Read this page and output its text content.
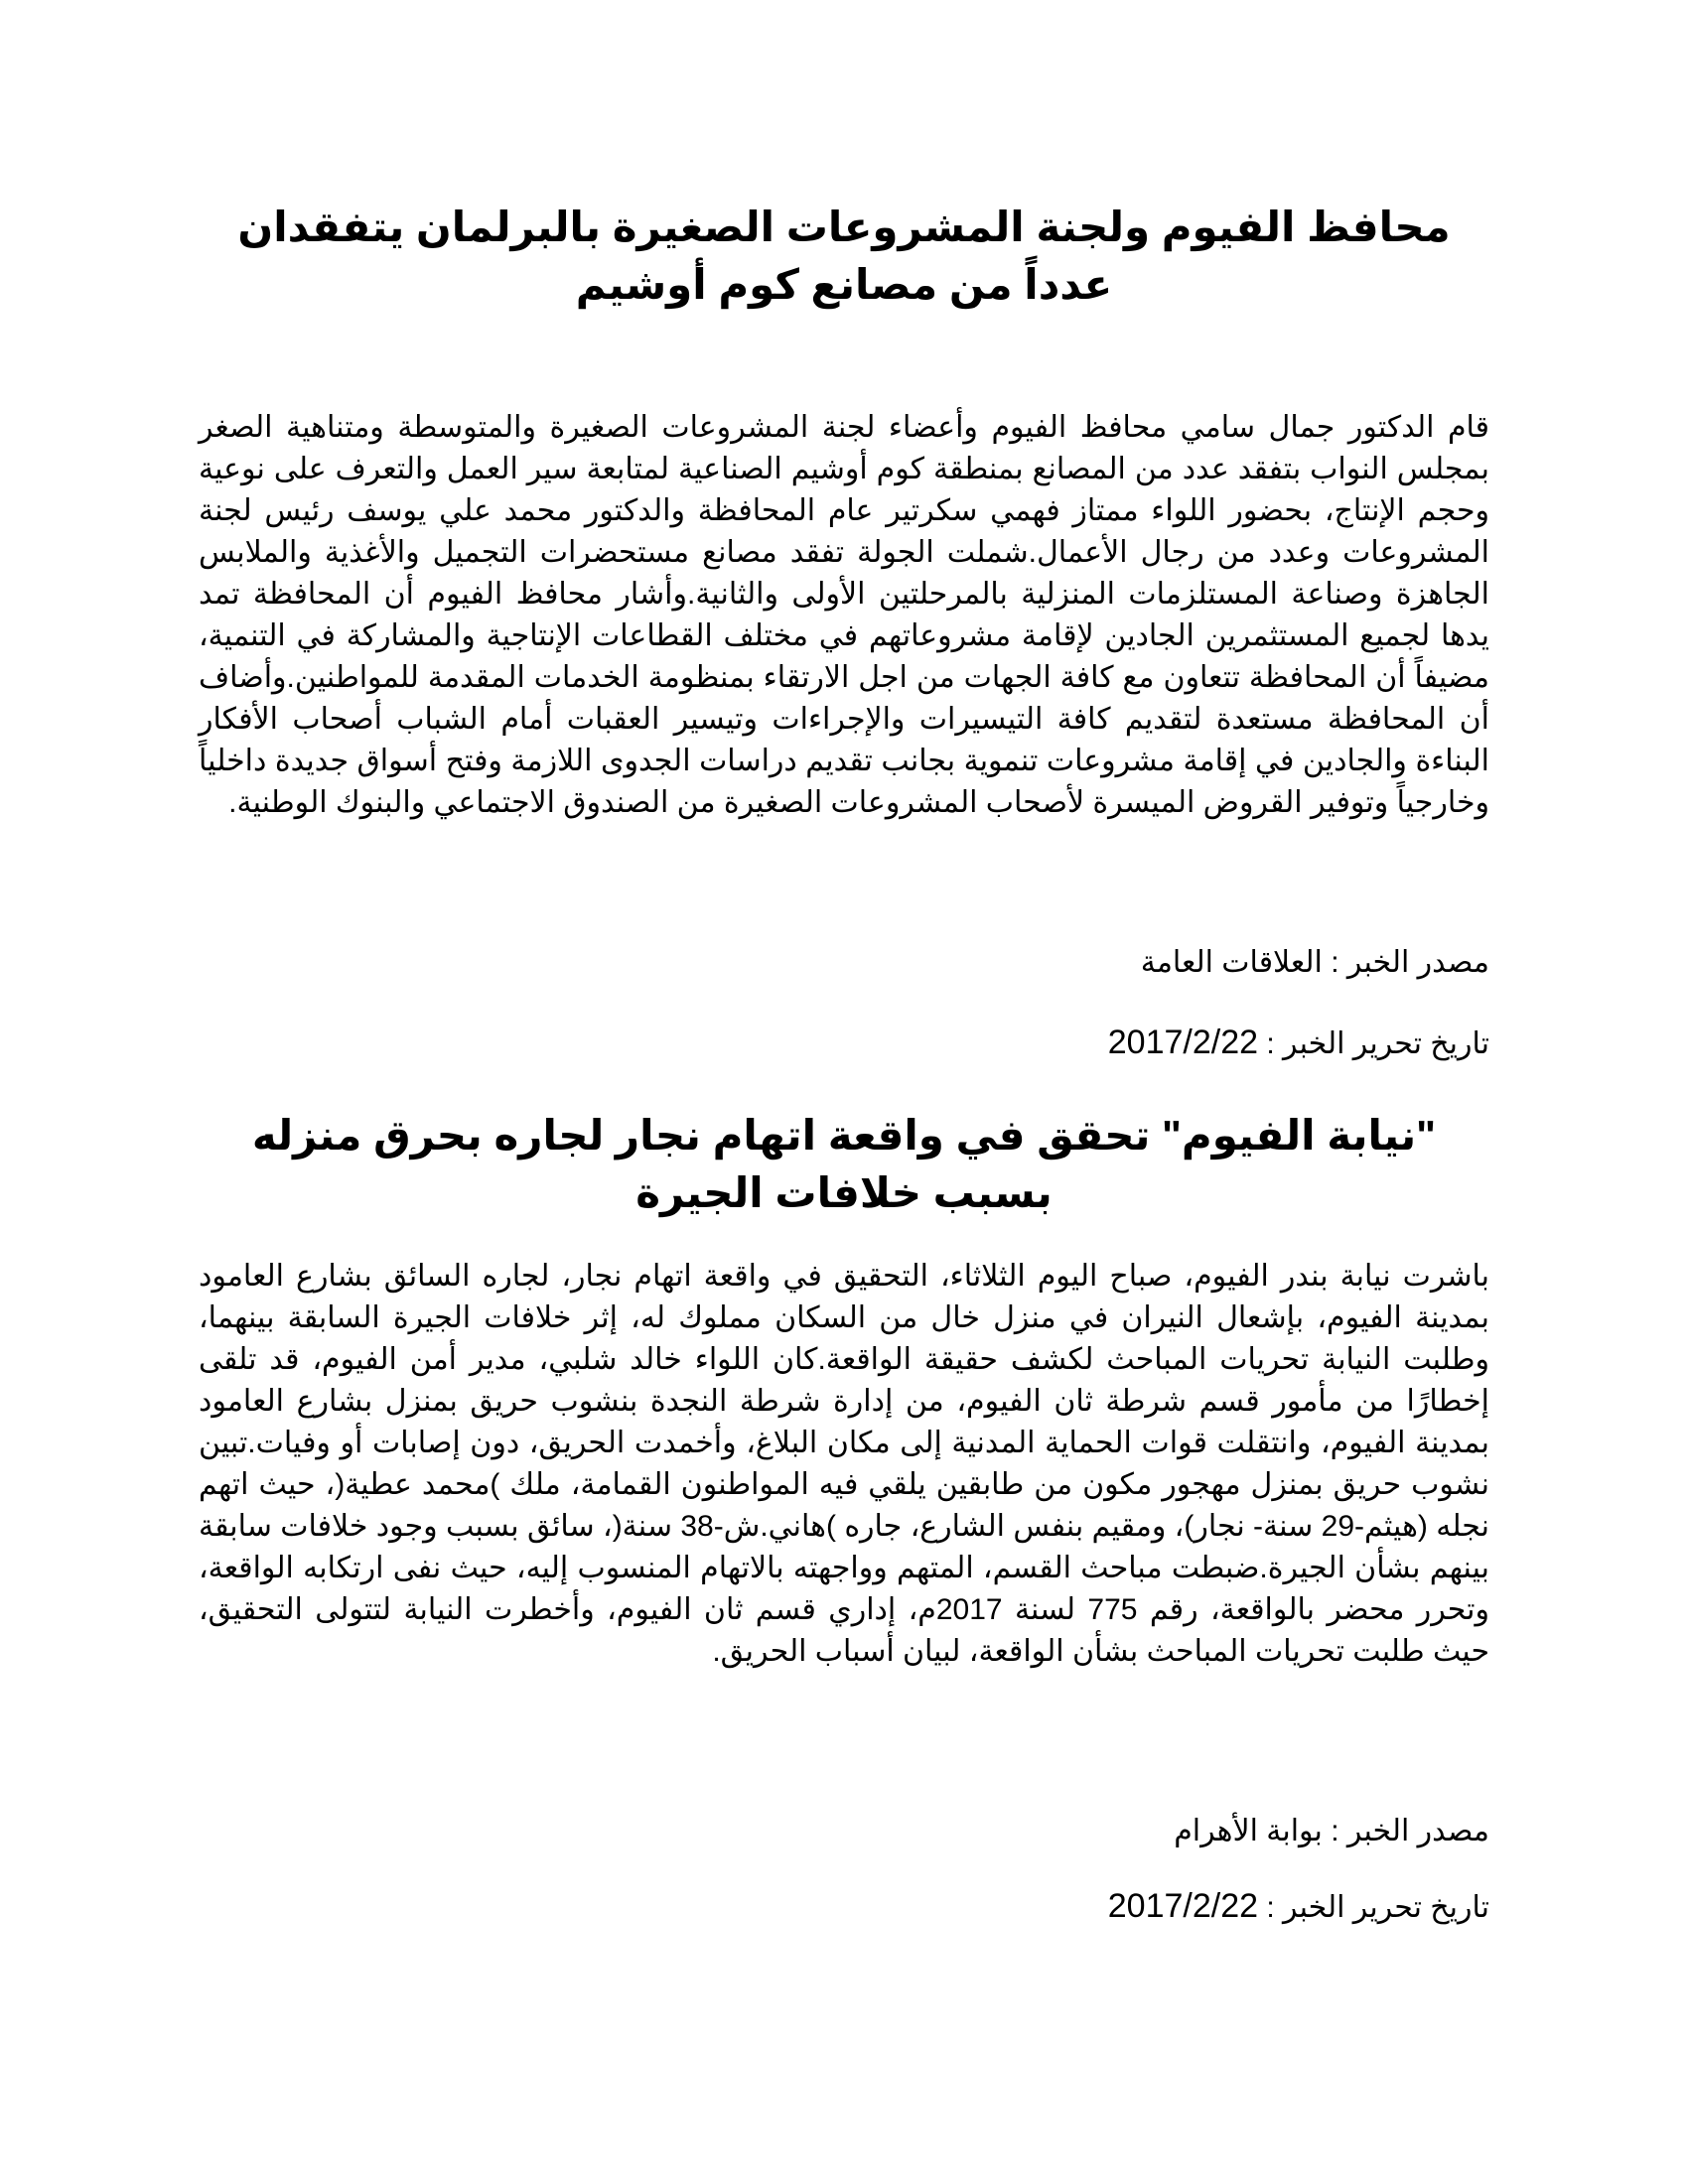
محافظ الفيوم ولجنة المشروعات الصغيرة بالبرلمان يتفقدان عدداً من مصانع كوم أوشيم

قام الدكتور جمال سامي محافظ الفيوم وأعضاء لجنة المشروعات الصغيرة والمتوسطة ومتناهية الصغر بمجلس النواب بتفقد عدد من المصانع بمنطقة كوم أوشيم الصناعية لمتابعة سير العمل والتعرف على نوعية وحجم الإنتاج، بحضور اللواء ممتاز فهمي سكرتير عام المحافظة والدكتور محمد علي يوسف رئيس لجنة المشروعات وعدد من رجال الأعمال.شملت الجولة تفقد مصانع مستحضرات التجميل والأغذية والملابس الجاهزة وصناعة المستلزمات المنزلية بالمرحلتين الأولى والثانية.وأشار محافظ الفيوم أن المحافظة تمد يدها لجميع المستثمرين الجادين لإقامة مشروعاتهم في مختلف القطاعات الإنتاجية والمشاركة في التنمية، مضيفاً أن المحافظة تتعاون مع كافة الجهات من اجل الارتقاء بمنظومة الخدمات المقدمة للمواطنين.وأضاف أن المحافظة مستعدة لتقديم كافة التيسيرات والإجراءات وتيسير العقبات أمام الشباب أصحاب الأفكار البناءة والجادين في إقامة مشروعات تنموية بجانب تقديم دراسات الجدوى اللازمة وفتح أسواق جديدة داخلياً وخارجياً وتوفير القروض الميسرة لأصحاب المشروعات الصغيرة من الصندوق الاجتماعي والبنوك الوطنية.

مصدر الخبر : العلاقات العامة

تاريخ تحرير الخبر : 2017/2/22

"نيابة الفيوم" تحقق في واقعة اتهام نجار لجاره بحرق منزله بسبب خلافات الجيرة

باشرت نيابة بندر الفيوم، صباح اليوم الثلاثاء، التحقيق في واقعة اتهام نجار، لجاره السائق بشارع العامود بمدينة الفيوم، بإشعال النيران في منزل خال من السكان مملوك له، إثر خلافات الجيرة السابقة بينهما، وطلبت النيابة تحريات المباحث لكشف حقيقة الواقعة.كان اللواء خالد شلبي، مدير أمن الفيوم، قد تلقى إخطارًا من مأمور قسم شرطة ثان الفيوم، من إدارة شرطة النجدة بنشوب حريق بمنزل بشارع العامود بمدينة الفيوم، وانتقلت قوات الحماية المدنية إلى مكان البلاغ، وأخمدت الحريق، دون إصابات أو وفيات.تبين نشوب حريق بمنزل مهجور مكون من طابقين يلقي فيه المواطنون القمامة، ملك )محمد عطية(، حيث اتهم نجله (هيثم-29 سنة- نجار)، ومقيم بنفس الشارع، جاره )هاني.ش-38 سنة(، سائق بسبب وجود خلافات سابقة بينهم بشأن الجيرة.ضبطت مباحث القسم، المتهم وواجهته بالاتهام المنسوب إليه، حيث نفى ارتكابه الواقعة، وتحرر محضر بالواقعة، رقم 775 لسنة 2017م، إداري قسم ثان الفيوم، وأخطرت النيابة لتتولى التحقيق، حيث طلبت تحريات المباحث بشأن الواقعة، لبيان أسباب الحريق.

مصدر الخبر : بوابة الأهرام

تاريخ تحرير الخبر : 2017/2/22
